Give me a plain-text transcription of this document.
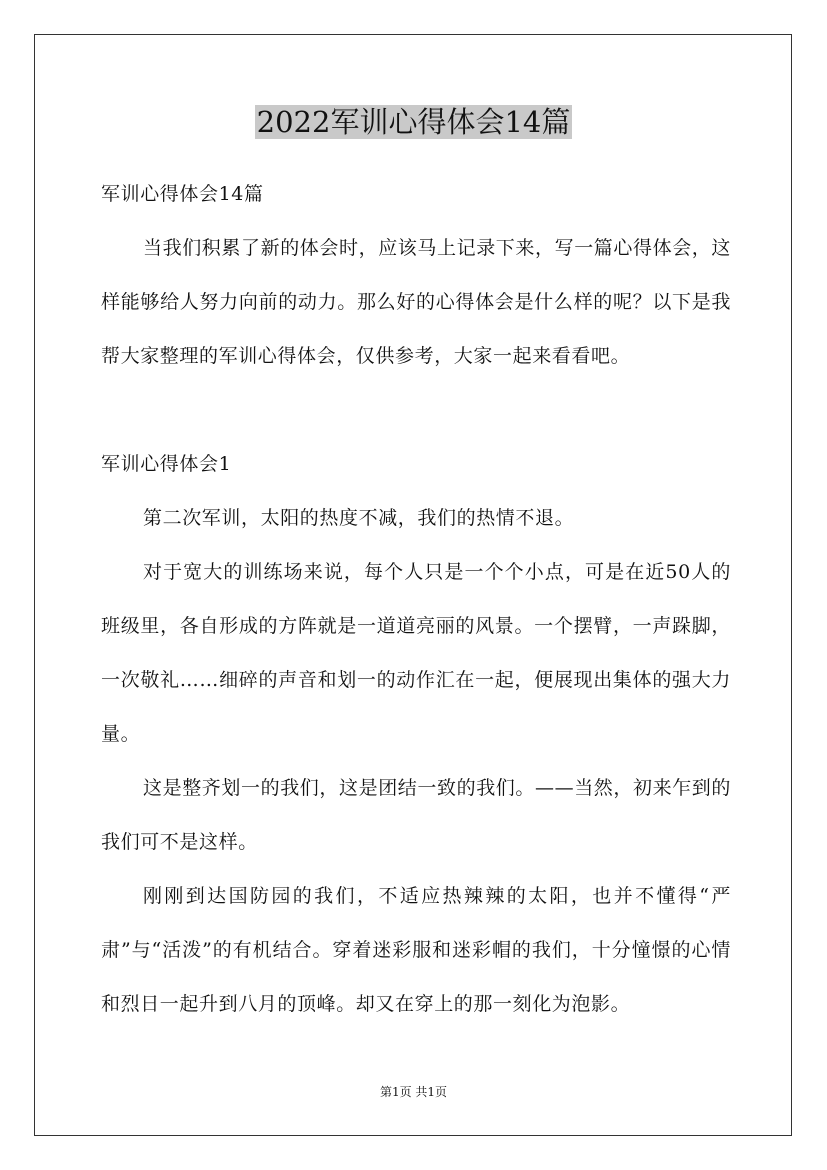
2022军训心得体会14篇

军训心得体会14篇

当我们积累了新的体会时，应该马上记录下来，写一篇心得体会，这样能够给人努力向前的动力。那么好的心得体会是什么样的呢？以下是我帮大家整理的军训心得体会，仅供参考，大家一起来看看吧。

军训心得体会1

第二次军训，太阳的热度不减，我们的热情不退。

对于宽大的训练场来说，每个人只是一个个小点，可是在近50人的班级里，各自形成的方阵就是一道道亮丽的风景。一个摆臂，一声跺脚，一次敬礼……细碎的声音和划一的动作汇在一起，便展现出集体的强大力量。

这是整齐划一的我们，这是团结一致的我们。——当然，初来乍到的我们可不是这样。

刚刚到达国防园的我们，不适应热辣辣的太阳，也并不懂得“严肃”与“活泼”的有机结合。穿着迷彩服和迷彩帽的我们，十分憧憬的心情和烈日一起升到八月的顶峰。却又在穿上的那一刻化为泡影。

第1页 共1页
